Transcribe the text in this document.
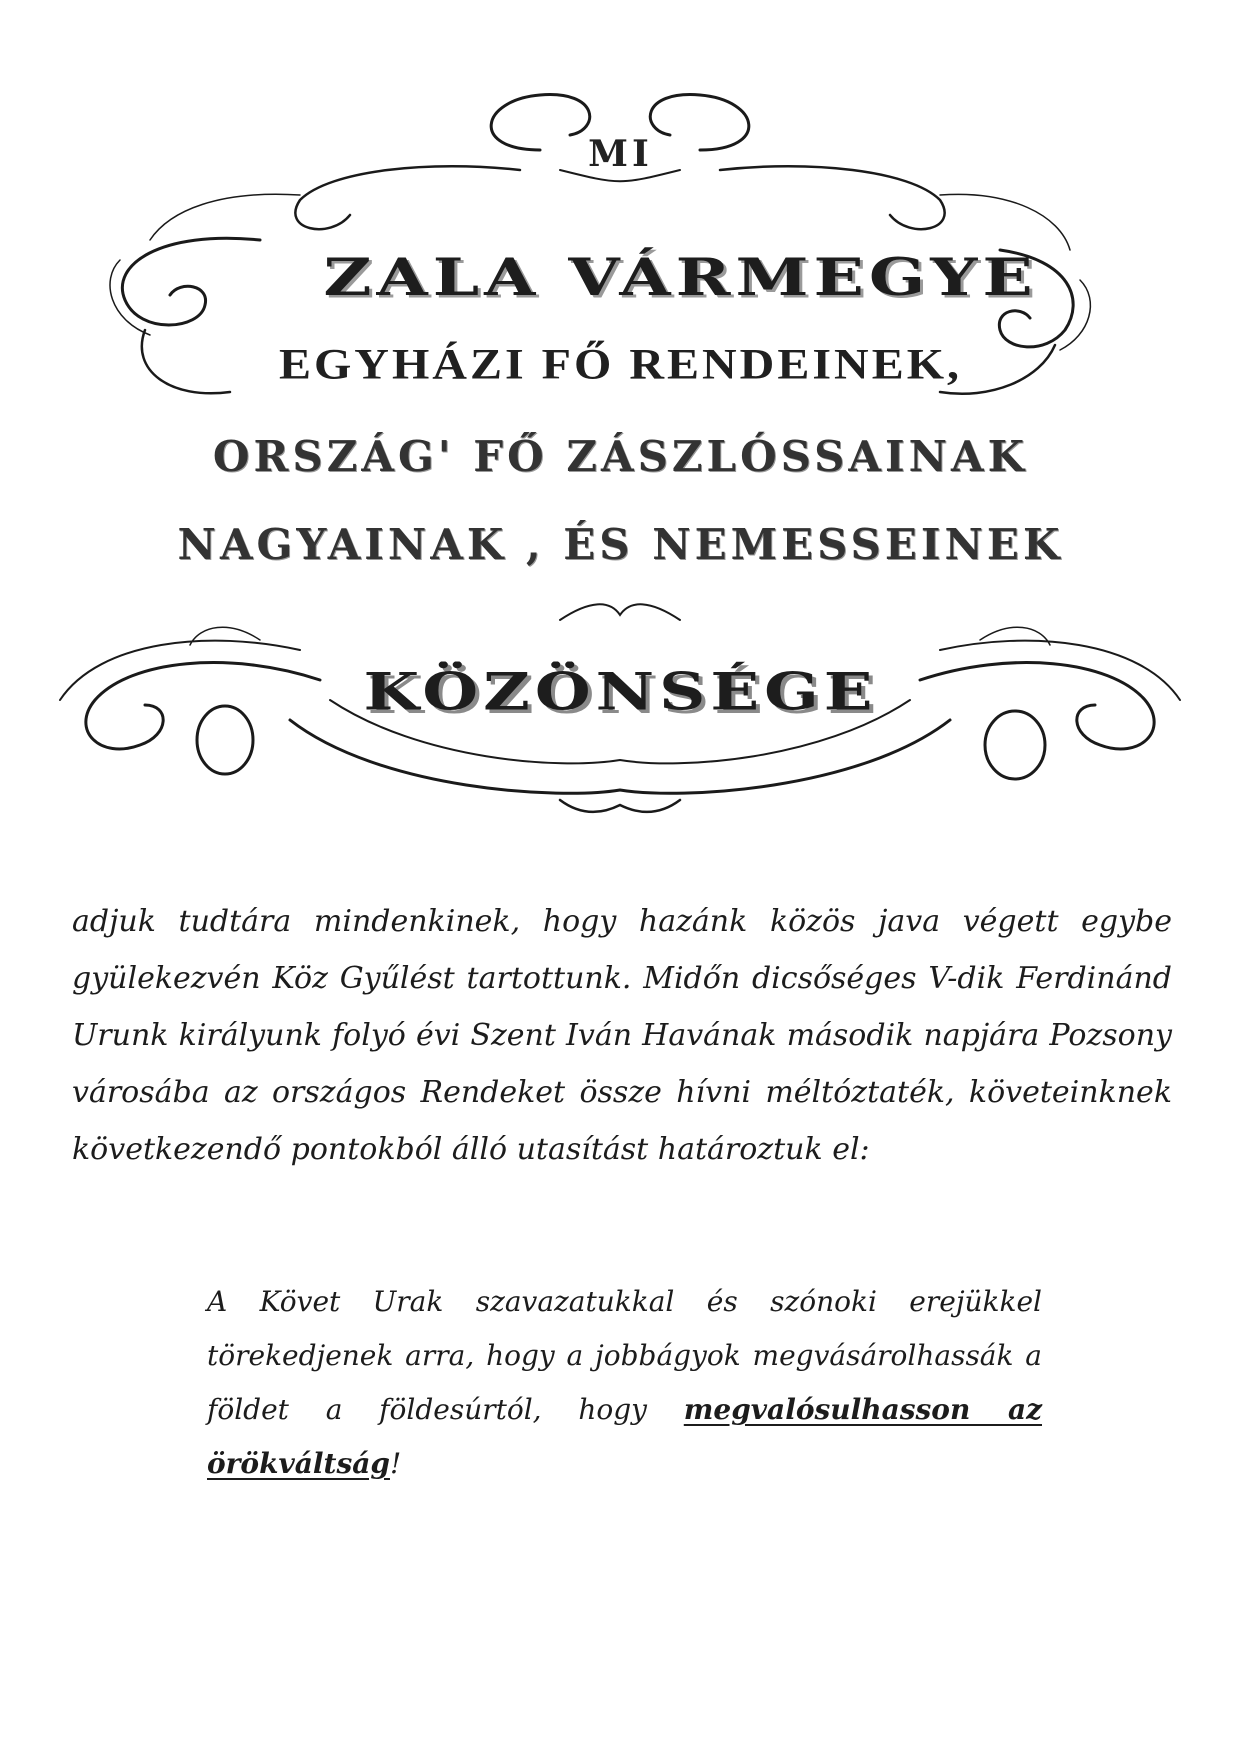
MI

ZALA VÁRMEGYE

EGYHÁZI FŐ RENDEINEK,

ORSZÁG' FŐ ZÁSZLÓSSAINAK

NAGYAINAK , ÉS NEMESSEINEK

KÖZÖNSÉGE

adjuk tudtára mindenkinek, hogy hazánk közös java végett egybe gyülekezvén Köz Gyűlést tartottunk. Midőn dicsőséges V-dik Ferdinánd Urunk királyunk folyó évi Szent Iván Havának második napjára Pozsony városába az országos Rendeket össze hívni méltóztaték, követeinknek következendő pontokból álló utasítást határoztuk el:

A Követ Urak szavazatukkal és szónoki erejükkel törekedjenek arra, hogy a jobbágyok megvásárolhassák a földet a földesúrtól, hogy megvalósulhasson az örökváltság!
